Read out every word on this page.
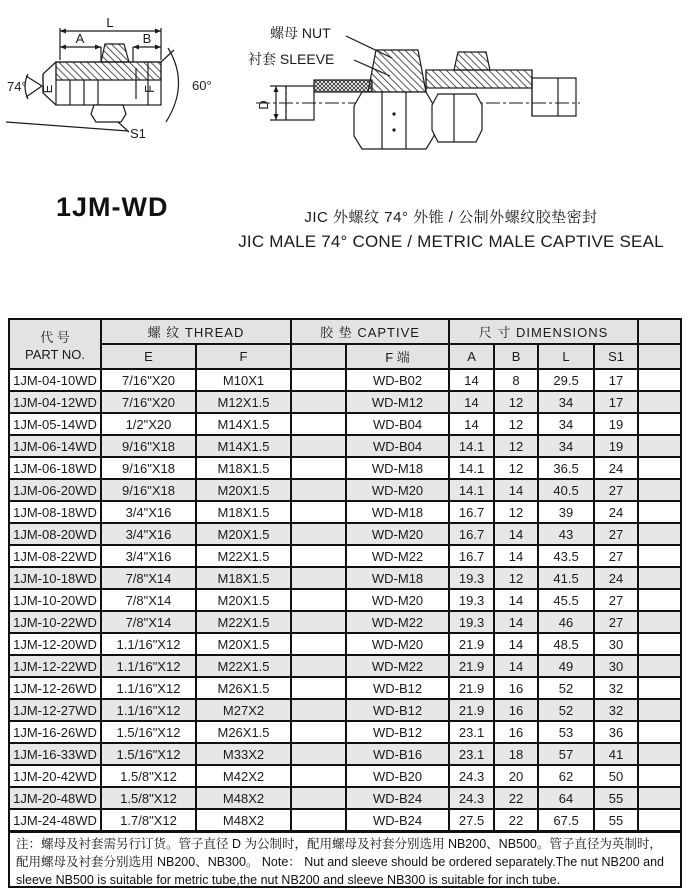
L
A	B
E	F
74°	60°
S1
螺母 NUT
衬套 SLEEVE
D
1JM-WD	JIC 外螺纹 74° 外锥 / 公制外螺纹胶垫密封
JIC MALE 74° CONE / METRIC MALE CAPTIVE SEAL
代 号
PART NO.	螺 纹 THREAD		胶 垫 CAPTIVE		尺 寸 DIMENSIONS				
	E	F		F 端	A	B	L	S1	
1JM-04-10WD	7/16"X20	M10X1		WD-B02	14	8	29.5	17	
1JM-04-12WD	7/16"X20	M12X1.5		WD-M12	14	12	34	17	
1JM-05-14WD	1/2"X20	M14X1.5		WD-B04	14	12	34	19	
1JM-06-14WD	9/16"X18	M14X1.5		WD-B04	14.1	12	34	19	
1JM-06-18WD	9/16"X18	M18X1.5		WD-M18	14.1	12	36.5	24	
1JM-06-20WD	9/16"X18	M20X1.5		WD-M20	14.1	14	40.5	27	
1JM-08-18WD	3/4"X16	M18X1.5		WD-M18	16.7	12	39	24	
1JM-08-20WD	3/4"X16	M20X1.5		WD-M20	16.7	14	43	27	
1JM-08-22WD	3/4"X16	M22X1.5		WD-M22	16.7	14	43.5	27	
1JM-10-18WD	7/8"X14	M18X1.5		WD-M18	19.3	12	41.5	24	
1JM-10-20WD	7/8"X14	M20X1.5		WD-M20	19.3	14	45.5	27	
1JM-10-22WD	7/8"X14	M22X1.5		WD-M22	19.3	14	46	27	
1JM-12-20WD	1.1/16"X12	M20X1.5		WD-M20	21.9	14	48.5	30	
1JM-12-22WD	1.1/16"X12	M22X1.5		WD-M22	21.9	14	49	30	
1JM-12-26WD	1.1/16"X12	M26X1.5		WD-B12	21.9	16	52	32	
1JM-12-27WD	1.1/16"X12	M27X2		WD-B12	21.9	16	52	32	
1JM-16-26WD	1.5/16"X12	M26X1.5		WD-B12	23.1	16	53	36	
1JM-16-33WD	1.5/16"X12	M33X2		WD-B16	23.1	18	57	41	
1JM-20-42WD	1.5/8"X12	M42X2		WD-B20	24.3	20	62	50	
1JM-20-48WD	1.5/8"X12	M48X2		WD-B24	24.3	22	64	55	
1JM-24-48WD	1.7/8"X12	M48X2		WD-B24	27.5	22	67.5	55	
注：螺母及衬套需另行订货。管子直径 D 为公制时，配用螺母及衬套分别选用 NB200、NB500。管子直径为英制时，配用螺母及衬套分别选用 NB200、NB300。 Note： Nut and sleeve should be ordered separately.The nut NB200 and sleeve NB500 is suitable for metric tube,the nut NB200 and sleeve NB300 is suitable for inch tube.
